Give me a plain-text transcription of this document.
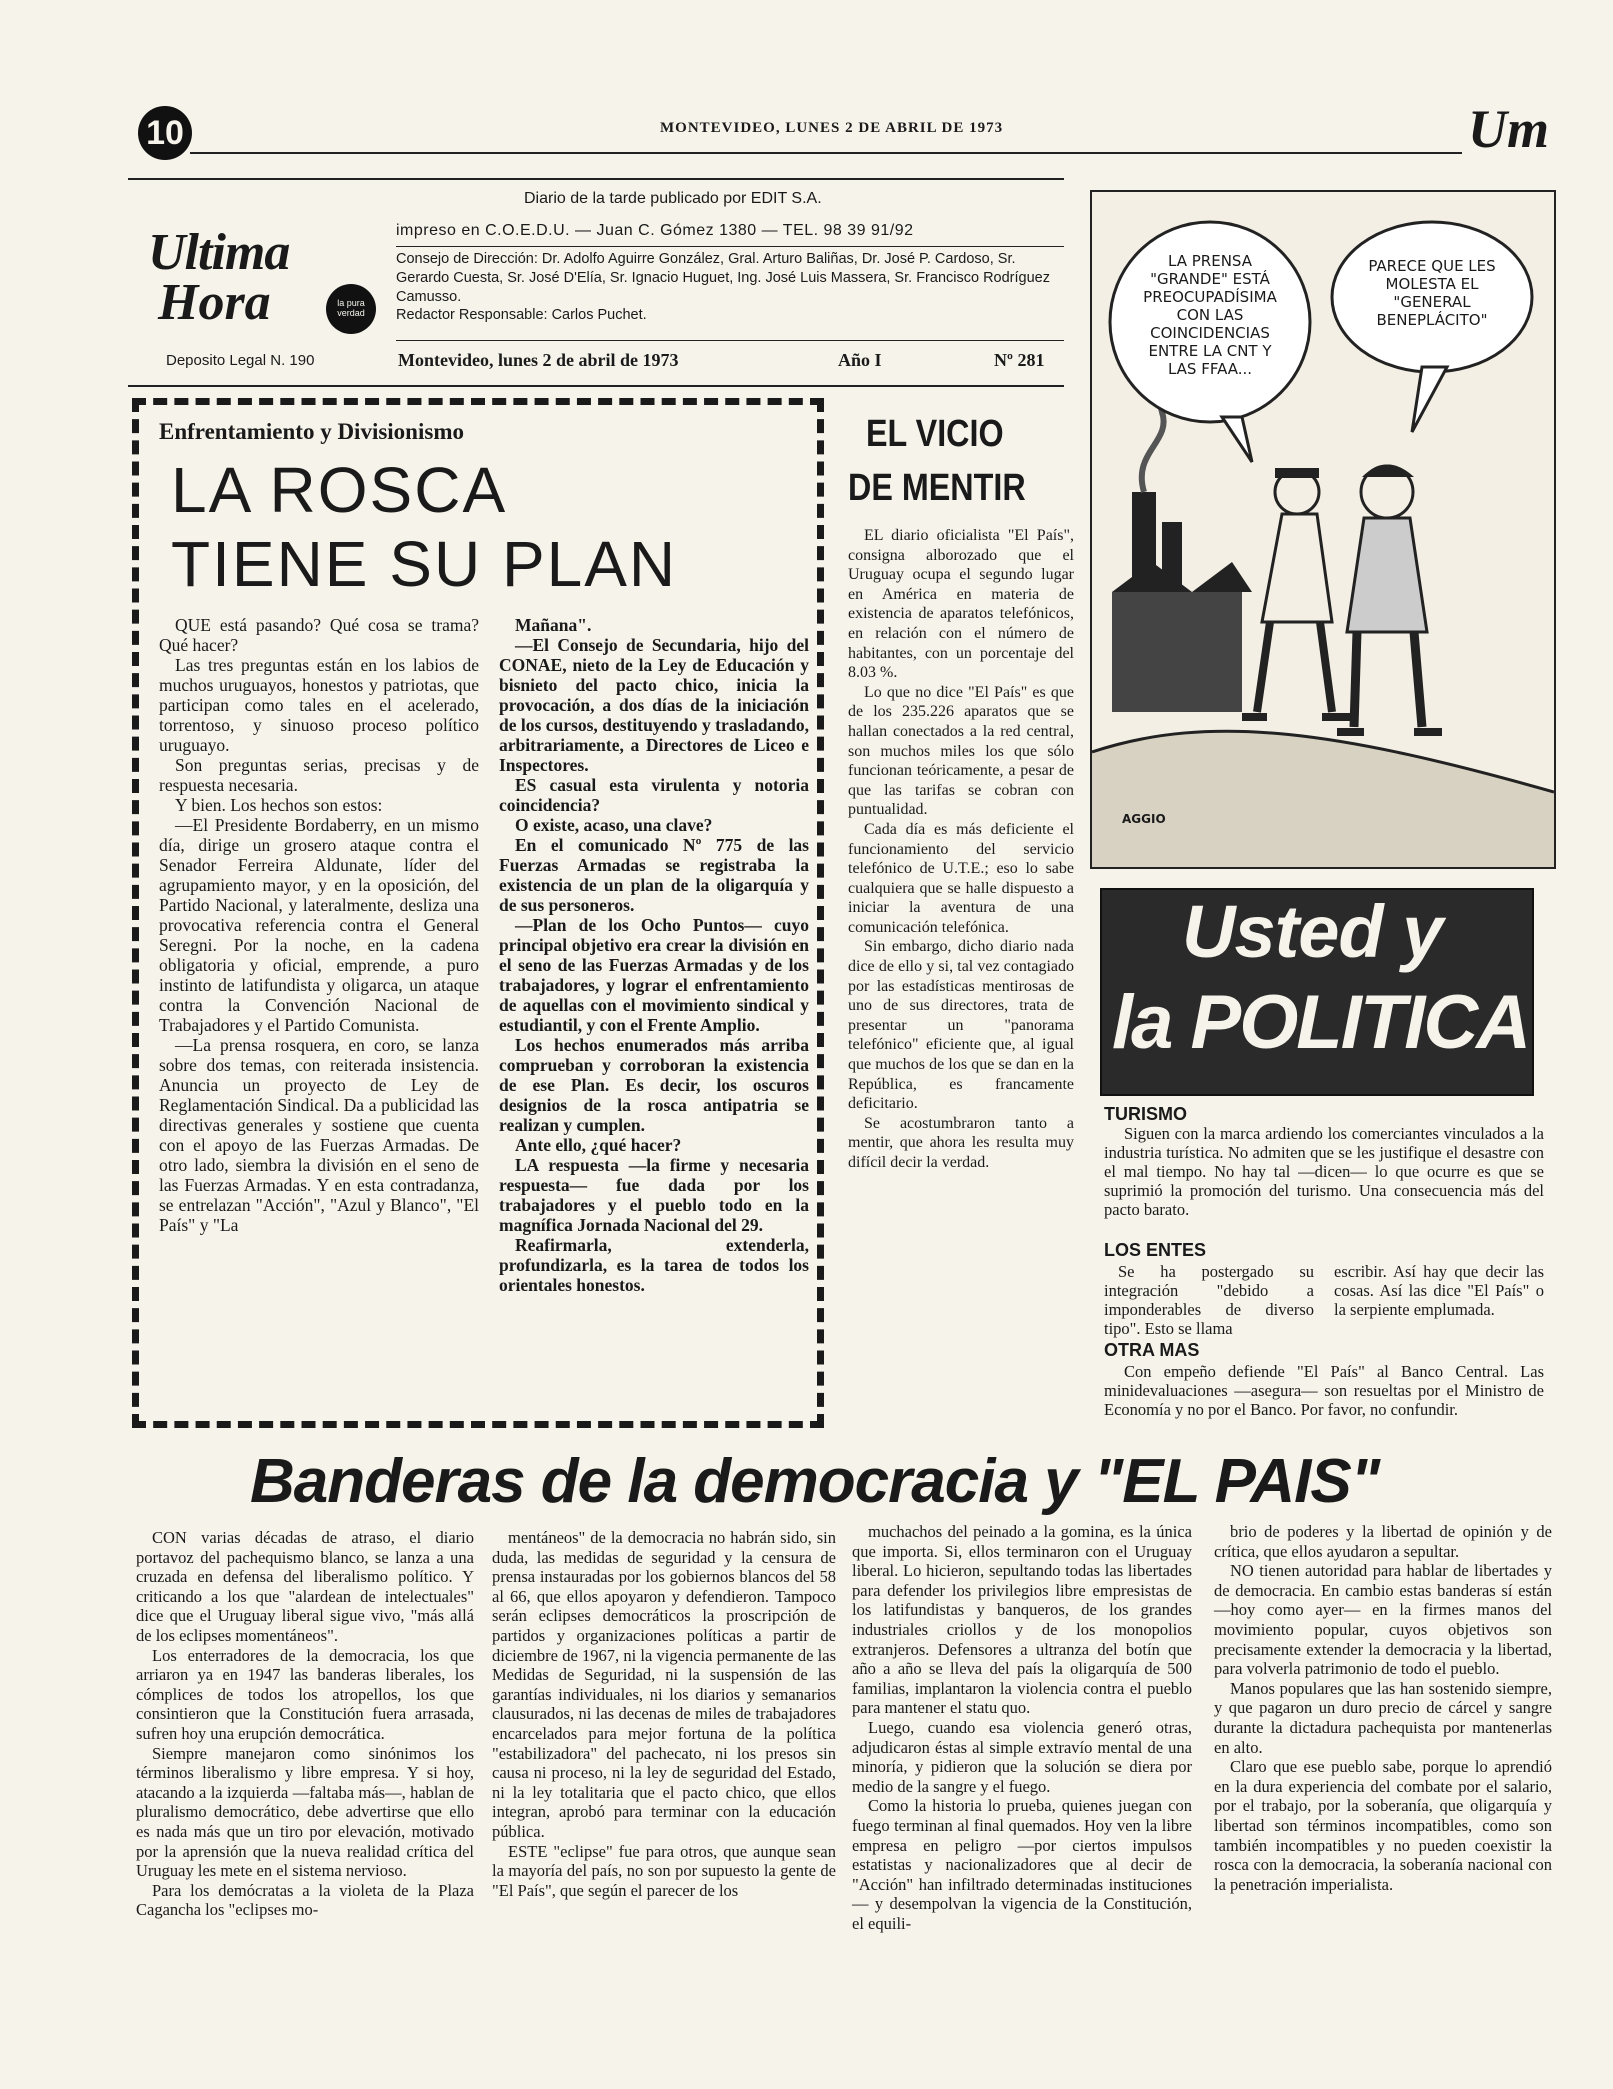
10	MONTEVIDEO, LUNES 2 DE ABRIL DE 1973	Um
Ultima
Hora	la pura verdad
Diario de la tarde publicado por EDIT S.A.
impreso en C.O.E.D.U. — Juan C. Gómez 1380 — TEL. 98 39 91/92
Consejo de Dirección: Dr. Adolfo Aguirre González, Gral. Arturo Baliñas, Dr. José P. Cardoso, Sr. Gerardo Cuesta, Sr. José D'Elía, Sr. Ignacio Huguet, Ing. José Luis Massera, Sr. Francisco Rodríguez Camusso.
Redactor Responsable: Carlos Puchet.
Deposito Legal N. 190	Montevideo, lunes 2 de abril de 1973	Año I	Nº 281
Enfrentamiento y Divisionismo
LA ROSCA
TIENE SU PLAN

QUE está pasando? Qué cosa se trama? Qué hacer?

Las tres preguntas están en los labios de muchos uruguayos, honestos y patriotas, que participan como tales en el acelerado, torrentoso, y sinuoso proceso político uruguayo.

Son preguntas serias, precisas y de respuesta necesaria.

Y bien. Los hechos son estos:

—El Presidente Bordaberry, en un mismo día, dirige un grosero ataque contra el Senador Ferreira Aldunate, líder del agrupamiento mayor, y en la oposición, del Partido Nacional, y lateralmente, desliza una provocativa referencia contra el General Seregni. Por la noche, en la cadena obligatoria y oficial, emprende, a puro instinto de latifundista y oligarca, un ataque contra la Convención Nacional de Trabajadores y el Partido Comunista.

—La prensa rosquera, en coro, se lanza sobre dos temas, con reiterada insistencia. Anuncia un proyecto de Ley de Reglamentación Sindical. Da a publicidad las directivas generales y sostiene que cuenta con el apoyo de las Fuerzas Armadas. De otro lado, siembra la división en el seno de las Fuerzas Armadas. Y en esta contradanza, se entrelazan "Acción", "Azul y Blanco", "El País" y "La

Mañana".

—El Consejo de Secundaria, hijo del CONAE, nieto de la Ley de Educación y bisnieto del pacto chico, inicia la provocación, a dos días de la iniciación de los cursos, destituyendo y trasladando, arbitrariamente, a Directores de Liceo e Inspectores.

ES casual esta virulenta y notoria coincidencia?

O existe, acaso, una clave?

En el comunicado Nº 775 de las Fuerzas Armadas se registraba la existencia de un plan de la oligarquía y de sus personeros.

—Plan de los Ocho Puntos— cuyo principal objetivo era crear la división en el seno de las Fuerzas Armadas y de los trabajadores, y lograr el enfrentamiento de aquellas con el movimiento sindical y estudiantil, y con el Frente Amplio.

Los hechos enumerados más arriba comprueban y corroboran la existencia de ese Plan. Es decir, los oscuros designios de la rosca antipatria se realizan y cumplen.

Ante ello, ¿qué hacer?

LA respuesta —la firme y necesaria respuesta— fue dada por los trabajadores y el pueblo todo en la magnífica Jornada Nacional del 29.

Reafirmarla, extenderla, profundizarla, es la tarea de todos los orientales honestos.

EL VICIO
DE MENTIR

EL diario oficialista "El País", consigna alborozado que el Uruguay ocupa el segundo lugar en América en materia de existencia de aparatos telefónicos, en relación con el número de habitantes, con un porcentaje del 8.03 %.

Lo que no dice "El País" es que de los 235.226 aparatos que se hallan conectados a la red central, son muchos miles los que sólo funcionan teóricamente, a pesar de que las tarifas se cobran con puntualidad.

Cada día es más deficiente el funcionamiento del servicio telefónico de U.T.E.; eso lo sabe cualquiera que se halle dispuesto a iniciar la aventura de una comunicación telefónica.

Sin embargo, dicho diario nada dice de ello y si, tal vez contagiado por las estadísticas mentirosas de uno de sus directores, trata de presentar un "panorama telefónico" eficiente que, al igual que muchos de los que se dan en la República, es francamente deficitario.

Se acostumbraron tanto a mentir, que ahora les resulta muy difícil decir la verdad.

LA PRENSA "GRANDE" ESTÁ PREOCUPADÍSIMA CON LAS COINCIDENCIAS ENTRE LA CNT Y LAS FFAA...
PARECE QUE LES MOLESTA EL "GENERAL BENEPLÁCITO"
AGGIO
Usted y
la POLITICA
TURISMO
Siguen con la marca ardiendo los comerciantes vinculados a la industria turística. No admiten que se les justifique el desastre con el mal tiempo. No hay tal —dicen— lo que ocurre es que se suprimió la promoción del turismo. Una consecuencia más del pacto barato.
LOS ENTES
Se ha postergado su integración "debido a imponderables de diverso tipo". Esto se llama
escribir. Así hay que decir las cosas. Así las dice "El País" o la serpiente emplumada.
OTRA MAS
Con empeño defiende "El País" al Banco Central. Las minidevaluaciones —asegura— son resueltas por el Ministro de Economía y no por el Banco. Por favor, no confundir.
Banderas de la democracia y "EL PAIS"

CON varias décadas de atraso, el diario portavoz del pachequismo blanco, se lanza a una cruzada en defensa del liberalismo político. Y criticando a los que "alardean de intelectuales" dice que el Uruguay liberal sigue vivo, "más allá de los eclipses momentáneos".

Los enterradores de la democracia, los que arriaron ya en 1947 las banderas liberales, los cómplices de todos los atropellos, los que consintieron que la Constitución fuera arrasada, sufren hoy una erupción democrática.

Siempre manejaron como sinónimos los términos liberalismo y libre empresa. Y si hoy, atacando a la izquierda —faltaba más—, hablan de pluralismo democrático, debe advertirse que ello es nada más que un tiro por elevación, motivado por la aprensión que la nueva realidad crítica del Uruguay les mete en el sistema nervioso.

Para los demócratas a la violeta de la Plaza Cagancha los "eclipses mo-

mentáneos" de la democracia no habrán sido, sin duda, las medidas de seguridad y la censura de prensa instauradas por los gobiernos blancos del 58 al 66, que ellos apoyaron y defendieron. Tampoco serán eclipses democráticos la proscripción de partidos y organizaciones políticas a partir de diciembre de 1967, ni la vigencia permanente de las Medidas de Seguridad, ni la suspensión de las garantías individuales, ni los diarios y semanarios clausurados, ni las decenas de miles de trabajadores encarcelados para mejor fortuna de la política "estabilizadora" del pachecato, ni los presos sin causa ni proceso, ni la ley de seguridad del Estado, ni la ley totalitaria que el pacto chico, que ellos integran, aprobó para terminar con la educación pública.

ESTE "eclipse" fue para otros, que aunque sean la mayoría del país, no son por supuesto la gente de "El País", que según el parecer de los

muchachos del peinado a la gomina, es la única que importa. Si, ellos terminaron con el Uruguay liberal. Lo hicieron, sepultando todas las libertades para defender los privilegios libre empresistas de los latifundistas y banqueros, de los grandes industriales criollos y de los monopolios extranjeros. Defensores a ultranza del botín que año a año se lleva del país la oligarquía de 500 familias, implantaron la violencia contra el pueblo para mantener el statu quo.

Luego, cuando esa violencia generó otras, adjudicaron éstas al simple extravío mental de una minoría, y pidieron que la solución se diera por medio de la sangre y el fuego.

Como la historia lo prueba, quienes juegan con fuego terminan al final quemados. Hoy ven la libre empresa en peligro —por ciertos impulsos estatistas y nacionalizadores que al decir de "Acción" han infiltrado determinadas instituciones— y desempolvan la vigencia de la Constitución, el equili-

brio de poderes y la libertad de opinión y de crítica, que ellos ayudaron a sepultar.

NO tienen autoridad para hablar de libertades y de democracia. En cambio estas banderas sí están —hoy como ayer— en la firmes manos del movimiento popular, cuyos objetivos son precisamente extender la democracia y la libertad, para volverla patrimonio de todo el pueblo.

Manos populares que las han sostenido siempre, y que pagaron un duro precio de cárcel y sangre durante la dictadura pachequista por mantenerlas en alto.

Claro que ese pueblo sabe, porque lo aprendió en la dura experiencia del combate por el salario, por el trabajo, por la soberanía, que oligarquía y libertad son términos incompatibles, como son también incompatibles y no pueden coexistir la rosca con la democracia, la soberanía nacional con la penetración imperialista.
